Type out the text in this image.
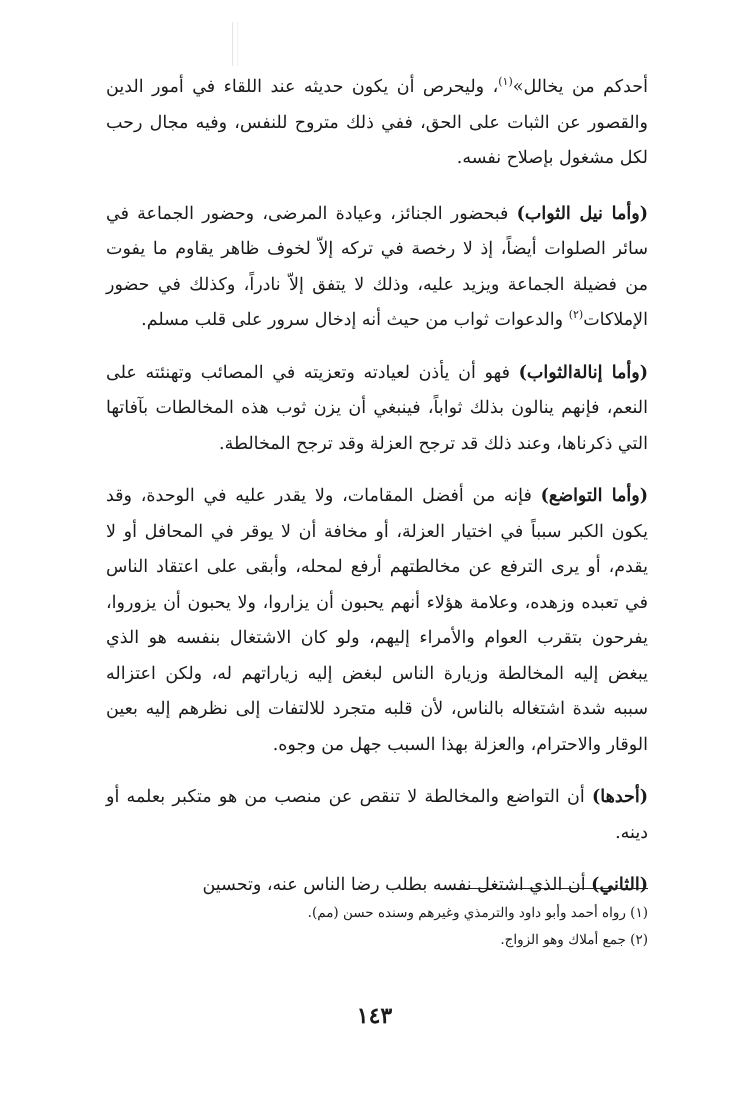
أحدكم من يخالل»$^{(١)}$، وليحرص أن يكون حديثه عند اللقاء في أمور الدين والقصور عن الثبات على الحق، ففي ذلك متروح للنفس، وفيه مجال رحب لكل مشغول بإصلاح نفسه.

(وأما نيل الثواب) فبحضور الجنائز، وعيادة المرضى، وحضور الجماعة في سائر الصلوات أيضاً، إذ لا رخصة في تركه إلاّ لخوف ظاهر يقاوم ما يفوت من فضيلة الجماعة ويزيد عليه، وذلك لا يتفق إلاّ نادراً، وكذلك في حضور الإملاكات$^{(٢)}$ والدعوات ثواب من حيث أنه إدخال سرور على قلب مسلم.

(وأما إنالةالثواب) فهو أن يأذن لعيادته وتعزيته في المصائب وتهنئته على النعم، فإنهم ينالون بذلك ثواباً، فينبغي أن يزن ثوب هذه المخالطات بآفاتها التي ذكرناها، وعند ذلك قد ترجح العزلة وقد ترجح المخالطة.

(وأما التواضع) فإنه من أفضل المقامات، ولا يقدر عليه في الوحدة، وقد يكون الكبر سبباً في اختيار العزلة، أو مخافة أن لا يوقر في المحافل أو لا يقدم، أو يرى الترفع عن مخالطتهم أرفع لمحله، وأبقى على اعتقاد الناس في تعبده وزهده، وعلامة هؤلاء أنهم يحبون أن يزاروا، ولا يحبون أن يزوروا، يفرحون بتقرب العوام والأمراء إليهم، ولو كان الاشتغال بنفسه هو الذي يبغض إليه المخالطة وزيارة الناس لبغض إليه زياراتهم له، ولكن اعتزاله سببه شدة اشتغاله بالناس، لأن قلبه متجرد للالتفات إلى نظرهم إليه بعين الوقار والاحترام، والعزلة بهذا السبب جهل من وجوه.

(أحدها) أن التواضع والمخالطة لا تنقص عن منصب من هو متكبر بعلمه أو دينه.

(الثاني) أن الذي اشتغل نفسه بطلب رضا الناس عنه، وتحسين

(١) رواه أحمد وأبو داود والترمذي وغيرهم وسنده حسن (مم).
(٢) جمع أملاك وهو الزواج.
١٤٣
